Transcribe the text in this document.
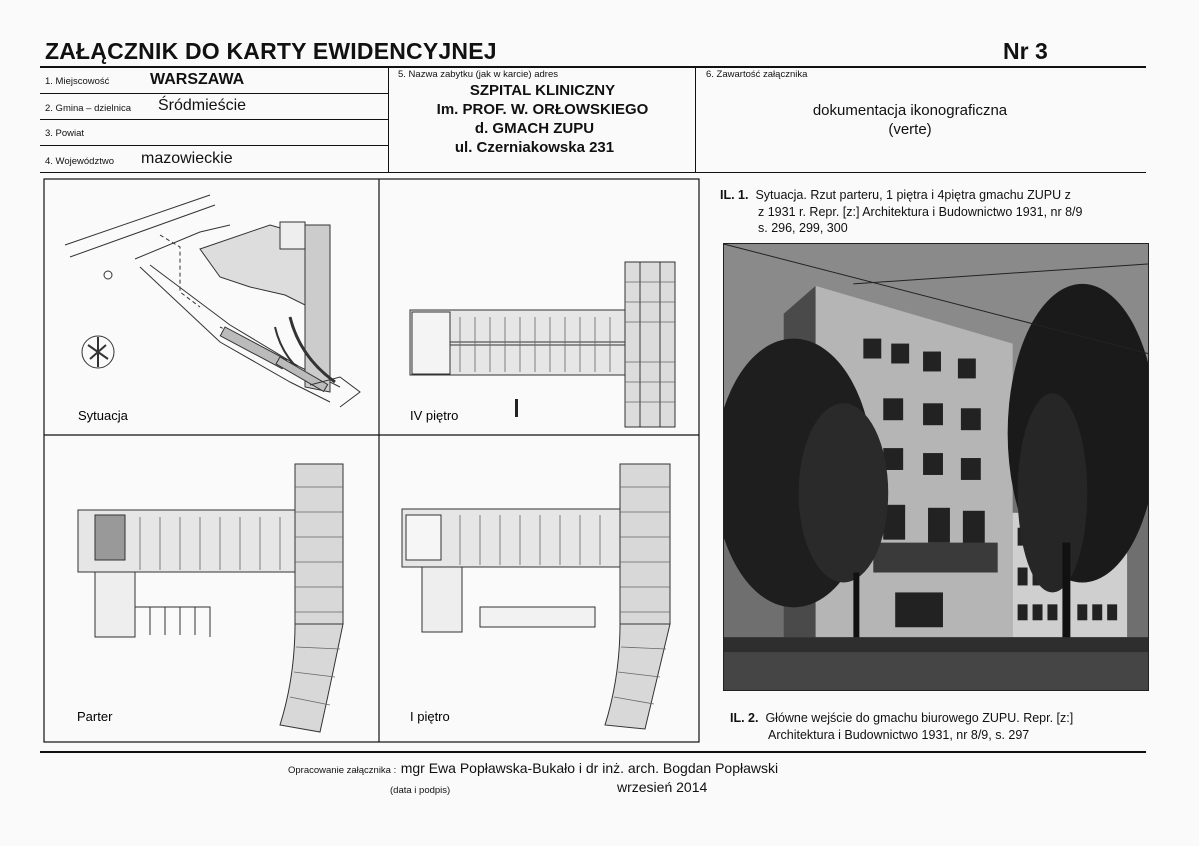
ZAŁĄCZNIK DO KARTY EWIDENCYJNEJ	Nr 3
1. Miejscowość	WARSZAWA
2. Gmina – dzielnica Śródmieście
3. Powiat
4. Województwo mazowieckie
5. Nazwa zabytku (jak w karcie) adres
SZPITAL KLINICZNY
Im. PROF. W. ORŁOWSKIEGO
d. GMACH ZUPU
ul. Czerniakowska 231
6. Zawartość załącznika
dokumentacja ikonograficzna
(verte)
Sytuacja	IV piętro
Parter	I piętro
IL. 1. Sytuacja. Rzut parteru, 1 piętra i 4piętra gmachu ZUPU z
z 1931 r. Repr. [z:] Architektura i Budownictwo 1931, nr 8/9
s. 296, 299, 300
IL. 2. Główne wejście do gmachu biurowego ZUPU. Repr. [z:]
Architektura i Budownictwo 1931, nr 8/9, s. 297
Opracowanie załącznika : mgr Ewa Popławska-Bukało i dr inż. arch. Bogdan Popławski
(data i podpis)	wrzesień 2014
